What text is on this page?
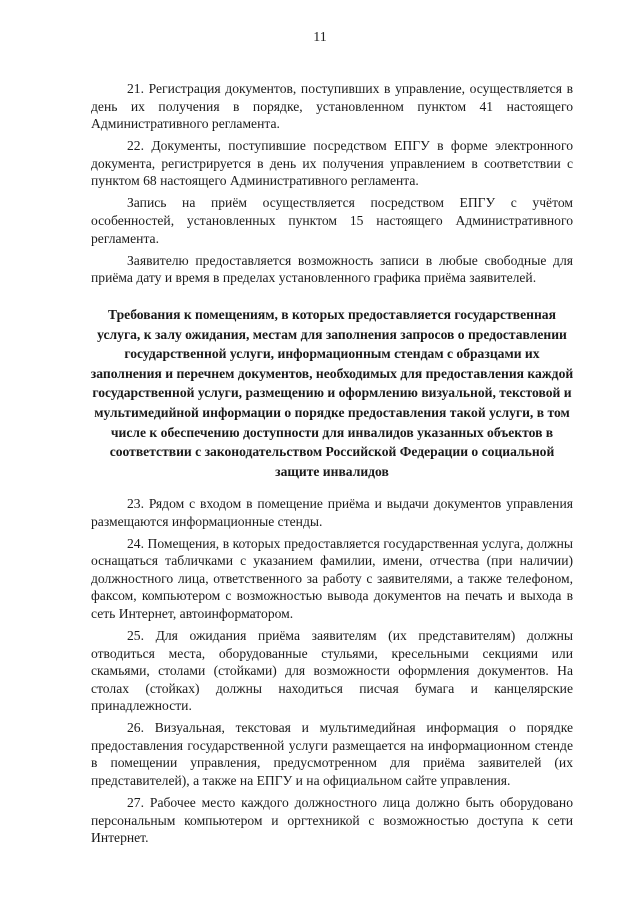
11

21. Регистрация документов, поступивших в управление, осуществляется в день их получения в порядке, установленном пунктом 41 настоящего Административного регламента.

22. Документы, поступившие посредством ЕПГУ в форме электронного документа, регистрируется в день их получения управлением в соответствии с пунктом 68 настоящего Административного регламента.

Запись на приём осуществляется посредством ЕПГУ с учётом особенностей, установленных пунктом 15 настоящего Административного регламента.

Заявителю предоставляется возможность записи в любые свободные для приёма дату и время в пределах установленного графика приёма заявителей.

Требования к помещениям, в которых предоставляется государственная услуга, к залу ожидания, местам для заполнения запросов о предоставлении государственной услуги, информационным стендам с образцами их заполнения и перечнем документов, необходимых для предоставления каждой государственной услуги, размещению и оформлению визуальной, текстовой и мультимедийной информации о порядке предоставления такой услуги, в том числе к обеспечению доступности для инвалидов указанных объектов в соответствии с законодательством Российской Федерации о социальной защите инвалидов

23. Рядом с входом в помещение приёма и выдачи документов управления размещаются информационные стенды.

24. Помещения, в которых предоставляется государственная услуга, должны оснащаться табличками с указанием фамилии, имени, отчества (при наличии) должностного лица, ответственного за работу с заявителями, а также телефоном, факсом, компьютером с возможностью вывода документов на печать и выхода в сеть Интернет, автоинформатором.

25. Для ожидания приёма заявителям (их представителям) должны отводиться места, оборудованные стульями, кресельными секциями или скамьями, столами (стойками) для возможности оформления документов. На столах (стойках) должны находиться писчая бумага и канцелярские принадлежности.

26. Визуальная, текстовая и мультимедийная информация о порядке предоставления государственной услуги размещается на информационном стенде в помещении управления, предусмотренном для приёма заявителей (их представителей), а также на ЕПГУ и на официальном сайте управления.

27. Рабочее место каждого должностного лица должно быть оборудовано персональным компьютером и оргтехникой с возможностью доступа к сети Интернет.
